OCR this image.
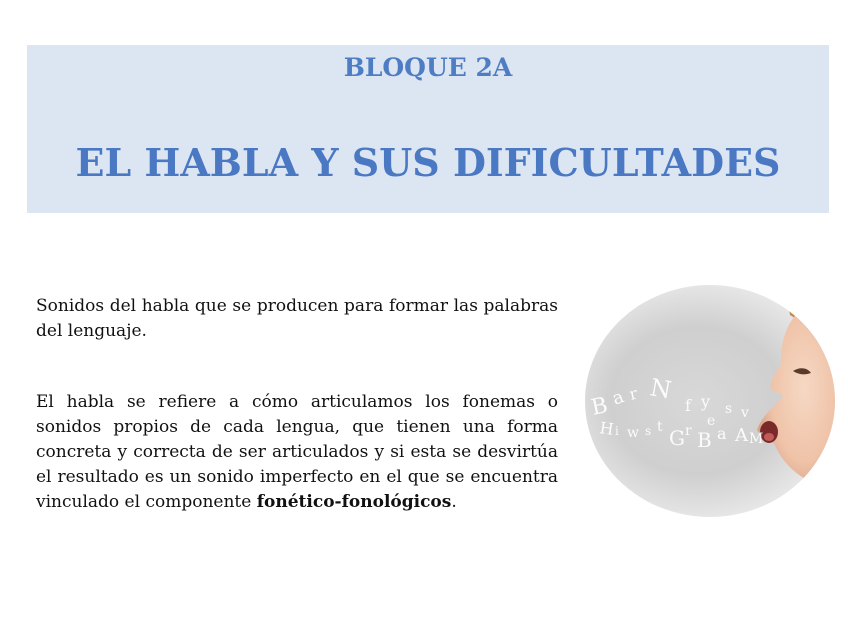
BLOQUE 2A
EL HABLA Y SUS DIFICULTADES

Sonidos del habla que se producen para formar las palabras del lenguaje.

El habla se refiere a cómo articulamos los fonemas o sonidos propios de cada lengua, que tienen una forma concreta y correcta de ser articulados y si esta se desvirtúa el resultado es un sonido imperfecto en el que se encuentra vinculado el componente fonético-fonológicos.

B a r N
f y s v
H i w s t G r B a A M
e
